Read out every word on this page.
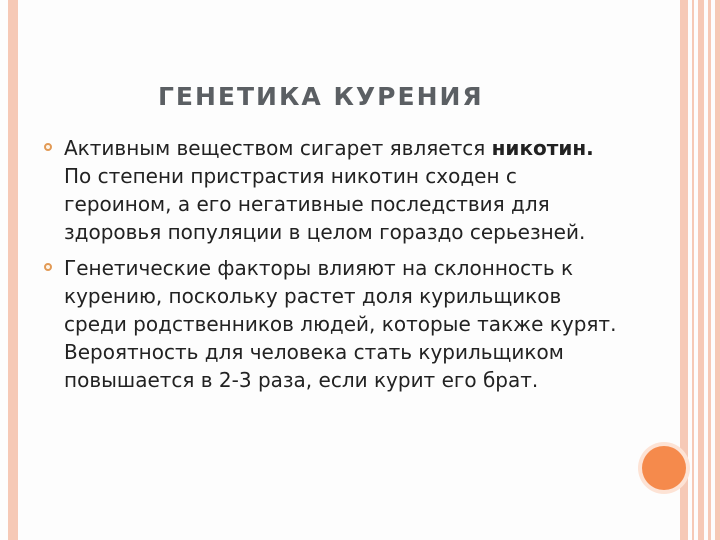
ГЕНЕТИКА КУРЕНИЯ
Активным веществом сигарет является никотин. По степени пристрастия никотин сходен с героином, а его негативные последствия для здоровья популяции в целом гораздо серьезней.
Генетические факторы влияют на склонность к курению, поскольку растет доля курильщиков среди родственников людей, которые также курят. Вероятность для человека стать курильщиком повышается в 2-3 раза, если курит его брат.
